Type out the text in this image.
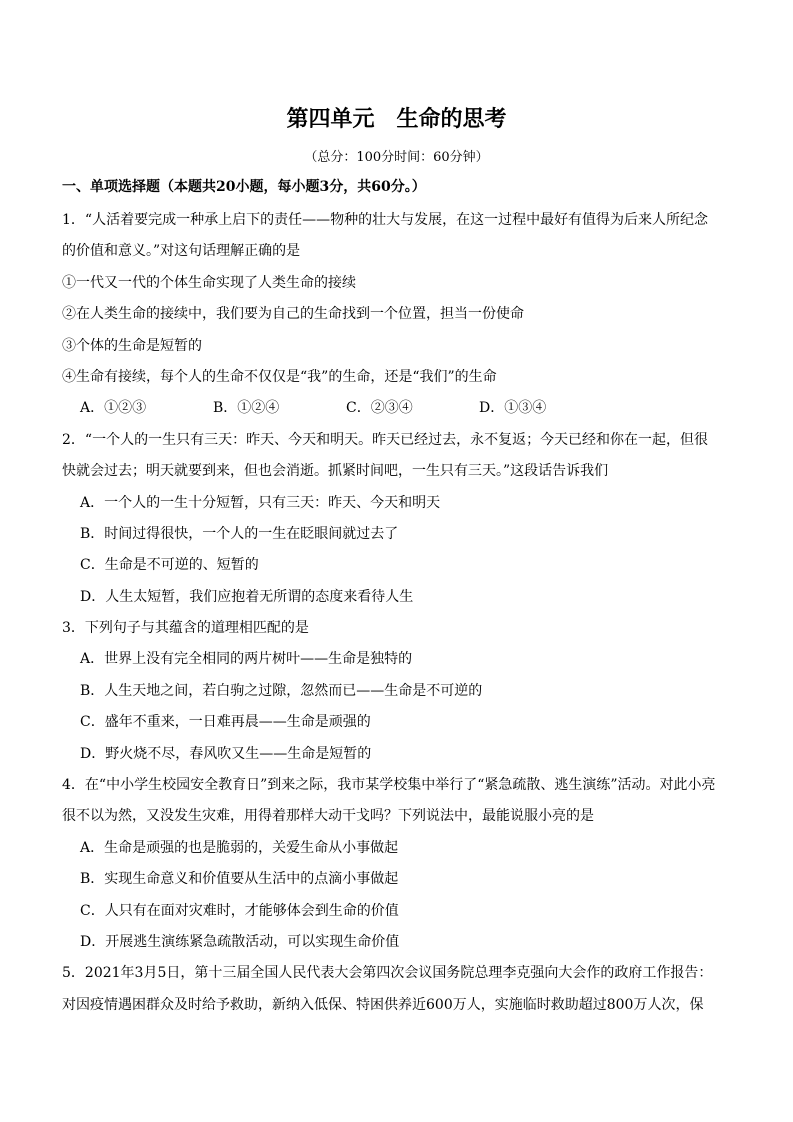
第四单元　生命的思考
（总分：100分时间：60分钟）
一、单项选择题（本题共20小题，每小题3分，共60分。）
1．“人活着要完成一种承上启下的责任——物种的壮大与发展，在这一过程中最好有值得为后来人所纪念
的价值和意义。”对这句话理解正确的是
①一代又一代的个体生命实现了人类生命的接续
②在人类生命的接续中，我们要为自己的生命找到一个位置，担当一份使命
③个体的生命是短暂的
④生命有接续，每个人的生命不仅仅是“我”的生命，还是“我们”的生命
A．①②③	B．①②④	C．②③④	D．①③④
2．“一个人的一生只有三天：昨天、今天和明天。昨天已经过去，永不复返；今天已经和你在一起，但很
快就会过去；明天就要到来，但也会消逝。抓紧时间吧，一生只有三天。”这段话告诉我们
A．一个人的一生十分短暂，只有三天：昨天、今天和明天
B．时间过得很快，一个人的一生在眨眼间就过去了
C．生命是不可逆的、短暂的
D．人生太短暂，我们应抱着无所谓的态度来看待人生
3．下列句子与其蕴含的道理相匹配的是
A．世界上没有完全相同的两片树叶——生命是独特的
B．人生天地之间，若白驹之过隙，忽然而已——生命是不可逆的
C．盛年不重来，一日难再晨——生命是顽强的
D．野火烧不尽，春风吹又生——生命是短暂的
4．在“中小学生校园安全教育日”到来之际，我市某学校集中举行了“紧急疏散、逃生演练”活动。对此小亮
很不以为然，又没发生灾难，用得着那样大动干戈吗？下列说法中，最能说服小亮的是
A．生命是顽强的也是脆弱的，关爱生命从小事做起
B．实现生命意义和价值要从生活中的点滴小事做起
C．人只有在面对灾难时，才能够体会到生命的价值
D．开展逃生演练紧急疏散活动，可以实现生命价值
5．2021年3月5日，第十三届全国人民代表大会第四次会议国务院总理李克强向大会作的政府工作报告：
对因疫情遇困群众及时给予救助，新纳入低保、特困供养近600万人，实施临时救助超过800万人次，保
